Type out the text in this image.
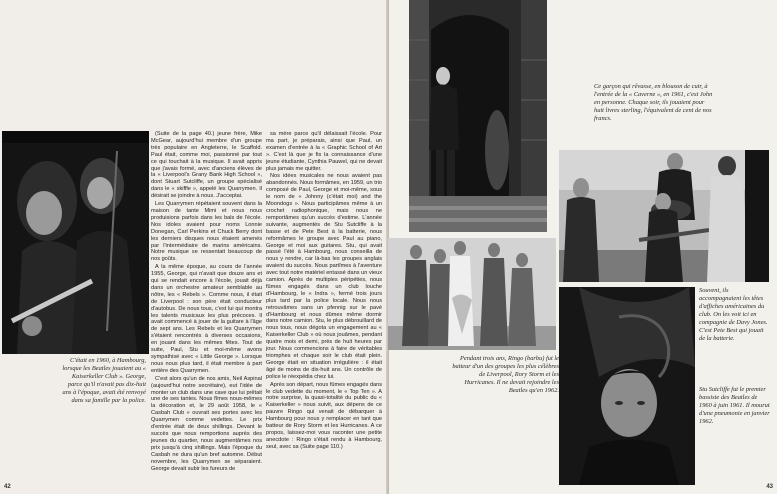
C'était en 1960, à Hambourg, lorsque les Beatles jouaient au « Kaiserkeller Club ». George, parce qu'il n'avait pas dix-huit ans à l'époque, avait été renvoyé dans sa famille par la police.

(Suite de la page 40.) jeune frère, Mike McGear, aujourd'hui membre d'un groupe très populaire en Angleterre, le Scaffold. Paul était, comme moi, passionné par tout ce qui touchait à la musique. Il avait appris que j'avais formé, avec d'anciens élèves de la « Liverpool's Grany Bank High School », dont Stuart Sutcliffe, un groupe spécialisé dans le « skiffle », appelé les Quarrymen. Il désirait se joindre à nous. J'acceptai.

Les Quarrymen répétaient souvent dans la maison de tante Mimi et nous nous produisions parfois dans les bals de l'école. Nos idoles avaient pour noms Lonnie Donegan, Carl Perkins et Chuck Berry dont les derniers disques nous étaient amenés par l'intermédiaire de marins américains. Notre musique se ressentait beaucoup de nos goûts.

A la même époque, au cours de l'année 1955, George, qui n'avait que douze ans et qui se rendait encore à l'école, jouait déjà dans un orchestre amateur semblable au nôtre, les « Rebels ». Comme nous, il était de Liverpool : son père était conducteur d'autobus. De nous tous, c'est lui qui montra les talents musicaux les plus précoces. Il avait commencé à jouer de la guitare à l'âge de sept ans. Les Rebels et les Quarrymen s'étaient rencontrés à diverses occasions, en jouant dans les mêmes fêtes. Tout de suite, Paul, Stu et moi-même avons sympathisé avec « Little George ». Lorsque nous nous plus tard, il était membre à part entière des Quarrymen.

C'est alors qu'un de nos amis, Neil Aspinal (aujourd'hui notre secrétaire), eut l'idée de monter un club dans une cave que lui prêtait une de ses tantes. Nous fîmes nous-mêmes la décoration et, le 29 août 1958, le « Casbah Club » ouvrait ses portes avec les Quarrymen comme vedettes. Le prix d'entrée était de deux shillings. Devant le succès que nous remportions auprès des jeunes du quartier, nous augmentâmes nos prix jusqu'à cinq shillings. Mais l'époque du Casbah ne dura qu'un bref automne. Début novembre, les Quarrymen se séparaient. George devait subir les fureurs de

sa mère parce qu'il délaissait l'école. Pour ma part, je préparais, ainsi que Paul, un examen d'entrée à la « Graphic School of Art ». C'est là que je fis la connaissance d'une jeune étudiante, Cynthia Pauwel, qui ne devait plus jamais me quitter.

Nos idées musicales ne nous avaient pas abandonnés. Nous formâmes, en 1959, un trio composé de Paul, George et moi-même, sous le nom de « Johnny (c'était moi) and the Moondogs ». Nous participâmes même à un crochet radiophonique, mais nous ne remportâmes qu'un succès d'estime. L'année suivante, augmentés de Stu Sutcliffe à la basse et de Pete Best à la batterie, nous reformâmes le groupe avec Paul au piano, George et moi aux guitares. Stu, qui avait passé l'été à Hambourg, nous conseilla de nous y rendre, car là-bas les groupes anglais avaient du succès. Nous partîmes à l'aventure avec tout notre matériel entassé dans un vieux camion. Après de multiples péripéties, nous fûmes engagés dans un club louche d'Hambourg, le « Indra », fermé trois jours plus tard par la police locale. Nous nous retrouvâmes sans un pfennig sur le pavé d'Hambourg et nous dûmes même dormir dans notre camion. Stu, le plus débrouillard de nous tous, nous dégota un engagement au « Kaiserkeller Club » où nous jouâmes, pendant quatre mois et demi, près de huit heures par jour. Nous commencions à faire de véritables triomphes et chaque soir le club était plein. George était en situation irrégulière : il était âgé de moins de dix-huit ans. Un contrôle de police le réexpédia chez lui.

Après son départ, nous fûmes engagés dans le club vedette du moment, le « Top Ten ». A notre surprise, la quasi-totalité du public du « Kaiserkeller » nous suivit, aux dépens de ce pauvre Ringo qui venait de débarquer à Hambourg pour nous y remplacer en tant que batteur de Rory Storm et les Hurricanes. A ce propos, laissez-moi vous raconter une petite anecdote : Ringo s'était rendu à Hambourg, seul, avec sa (Suite page 110.)

42
Ce garçon qui rêvasse, en blouson de cuir, à l'entrée de la « Caverne », en 1961, c'est John en personne. Chaque soir, ils jouaient pour huit livres sterling, l'équivalent de cent de nos francs.
Pendant trois ans, Ringo (barbu) fut le batteur d'un des groupes les plus célèbres de Liverpool, Rory Storm et les Hurricanes. Il ne devait rejoindre les Beatles qu'en 1962.
Souvent, ils accompagnaient les têtes d'affiches américaines du club. On les voit ici en compagnie de Davy Jones. C'est Pete Best qui jouait de la batterie.
Stu Sutcliffe fut le premier bassiste des Beatles de 1960 à juin 1961. Il mourut d'une pneumonie en janvier 1962.
43
